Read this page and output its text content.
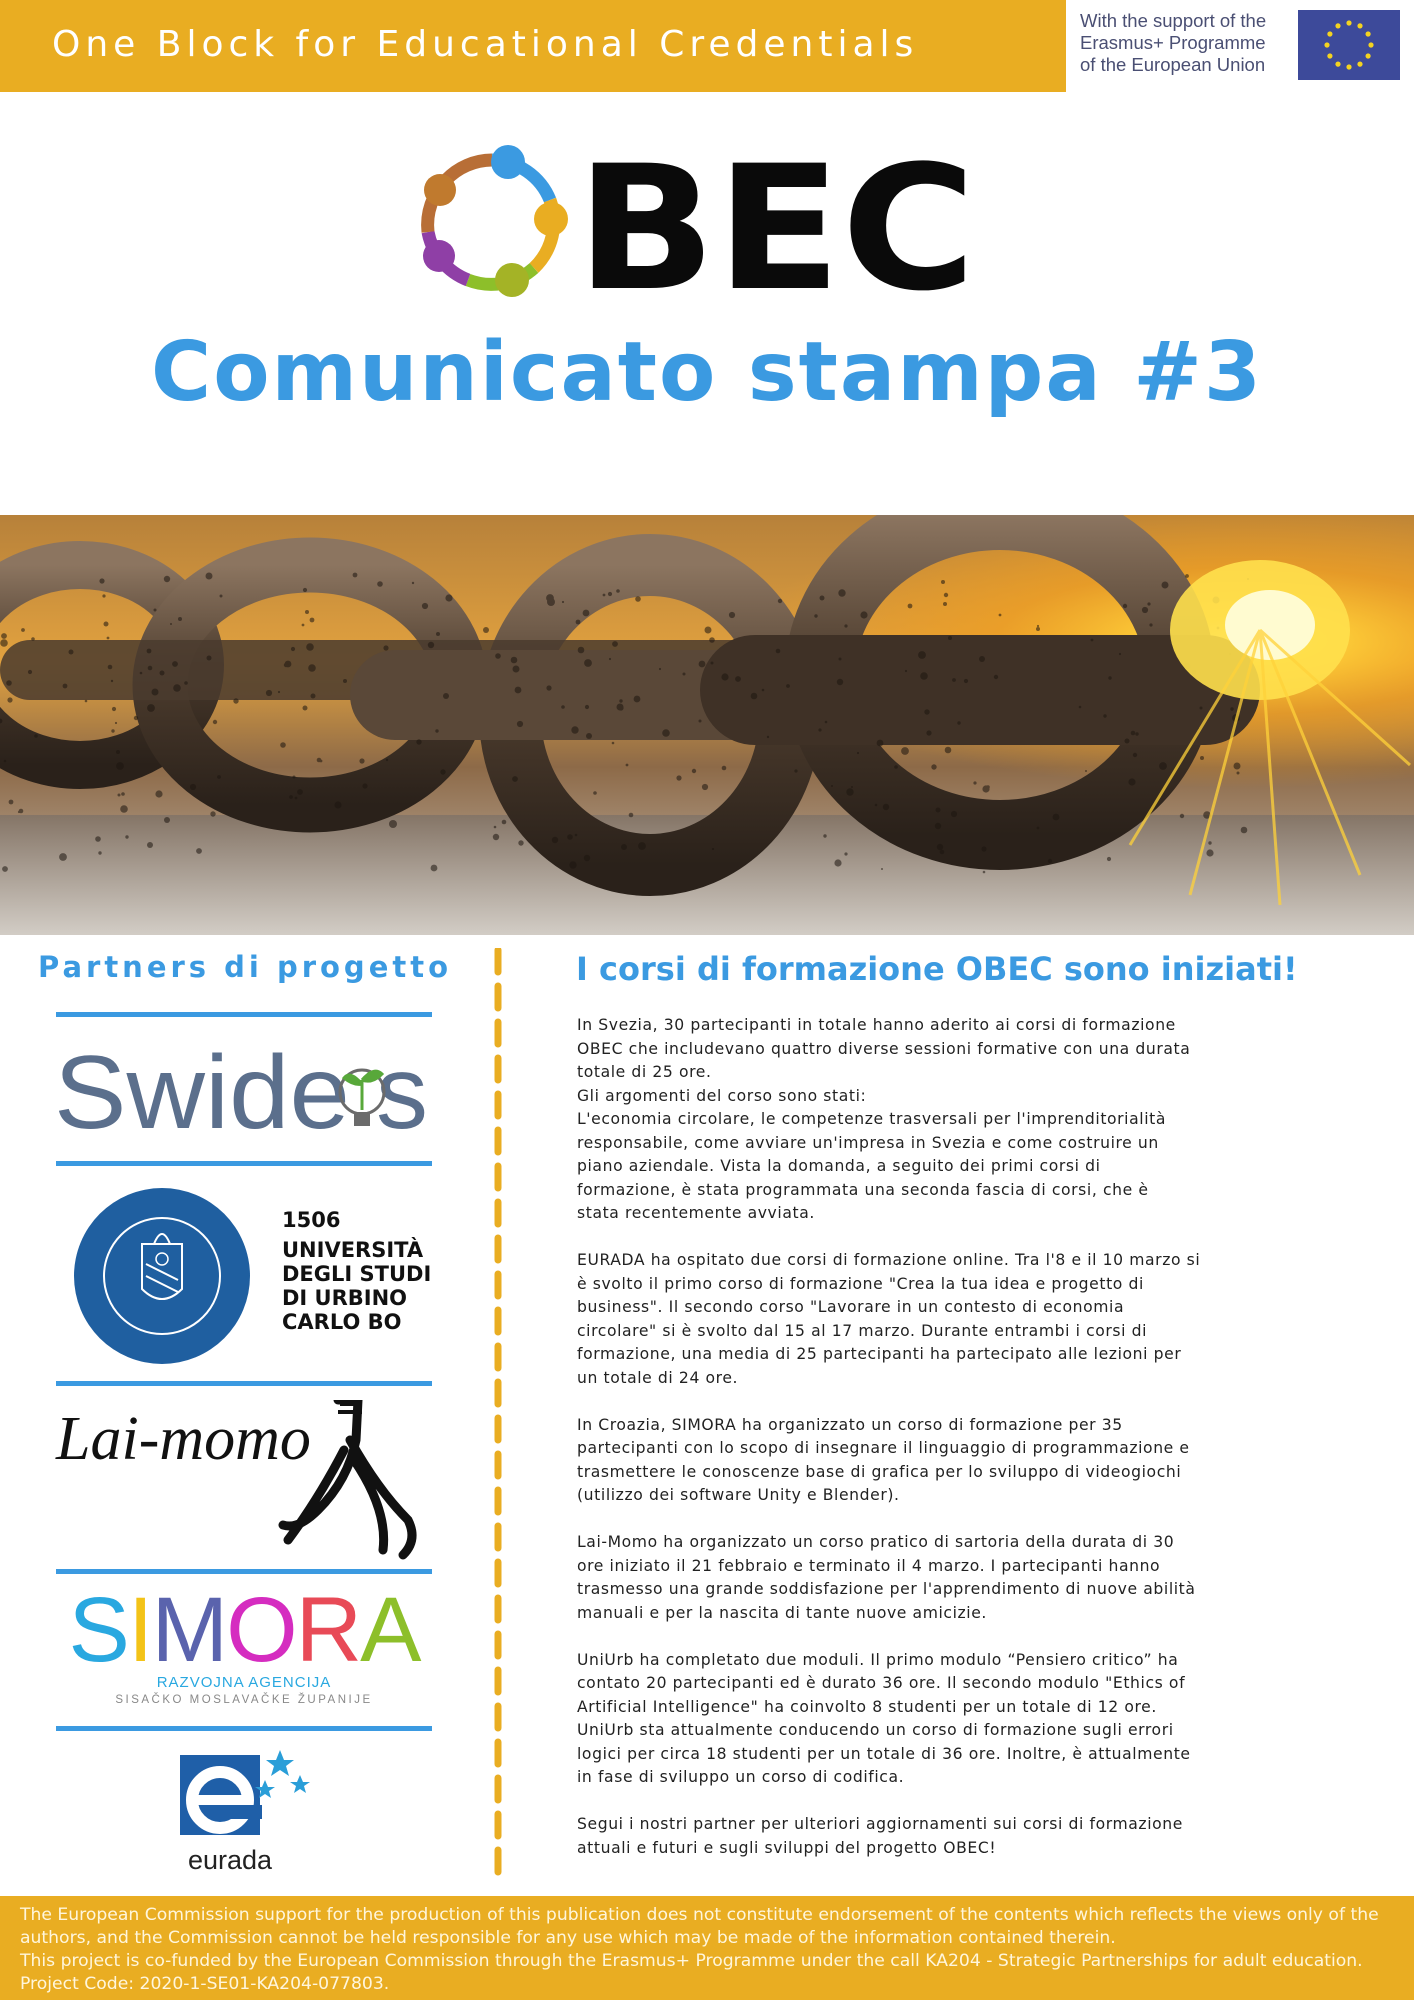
One Block for Educational Credentials
With the support of the
Erasmus+ Programme
of the European Union
BEC
Comunicato stampa #3
Partners di progetto
Swide s
1506
UNIVERSITÀ
DEGLI STUDI
DI URBINO
CARLO BO
Lai-momo
SIMORA
RAZVOJNA AGENCIJA
SISAČKO MOSLAVAČKE ŽUPANIJE
eurada
I corsi di formazione OBEC sono iniziati!

In Svezia, 30 partecipanti in totale hanno aderito ai corsi di formazione
OBEC che includevano quattro diverse sessioni formative con una durata
totale di 25 ore.
Gli argomenti del corso sono stati:
L'economia circolare, le competenze trasversali per l'imprenditorialità
responsabile, come avviare un'impresa in Svezia e come costruire un
piano aziendale. Vista la domanda, a seguito dei primi corsi di
formazione, è stata programmata una seconda fascia di corsi, che è
stata recentemente avviata.

EURADA ha ospitato due corsi di formazione online. Tra l'8 e il 10 marzo si
è svolto il primo corso di formazione "Crea la tua idea e progetto di
business". Il secondo corso "Lavorare in un contesto di economia
circolare" si è svolto dal 15 al 17 marzo. Durante entrambi i corsi di
formazione, una media di 25 partecipanti ha partecipato alle lezioni per
un totale di 24 ore.

In Croazia, SIMORA ha organizzato un corso di formazione per 35
partecipanti con lo scopo di insegnare il linguaggio di programmazione e
trasmettere le conoscenze base di grafica per lo sviluppo di videogiochi
(utilizzo dei software Unity e Blender).

Lai-Momo ha organizzato un corso pratico di sartoria della durata di 30
ore iniziato il 21 febbraio e terminato il 4 marzo. I partecipanti hanno
trasmesso una grande soddisfazione per l'apprendimento di nuove abilità
manuali e per la nascita di tante nuove amicizie.

UniUrb ha completato due moduli. Il primo modulo “Pensiero critico” ha
contato 20 partecipanti ed è durato 36 ore. Il secondo modulo "Ethics of
Artificial Intelligence" ha coinvolto 8 studenti per un totale di 12 ore.
UniUrb sta attualmente conducendo un corso di formazione sugli errori
logici per circa 18 studenti per un totale di 36 ore. Inoltre, è attualmente
in fase di sviluppo un corso di codifica.

Segui i nostri partner per ulteriori aggiornamenti sui corsi di formazione
attuali e futuri e sugli sviluppi del progetto OBEC!

The European Commission support for the production of this publication does not constitute endorsement of the contents which reflects the views only of the
authors, and the Commission cannot be held responsible for any use which may be made of the information contained therein.
This project is co-funded by the European Commission through the Erasmus+ Programme under the call KA204 - Strategic Partnerships for adult education.
Project Code: 2020-1-SE01-KA204-077803.
